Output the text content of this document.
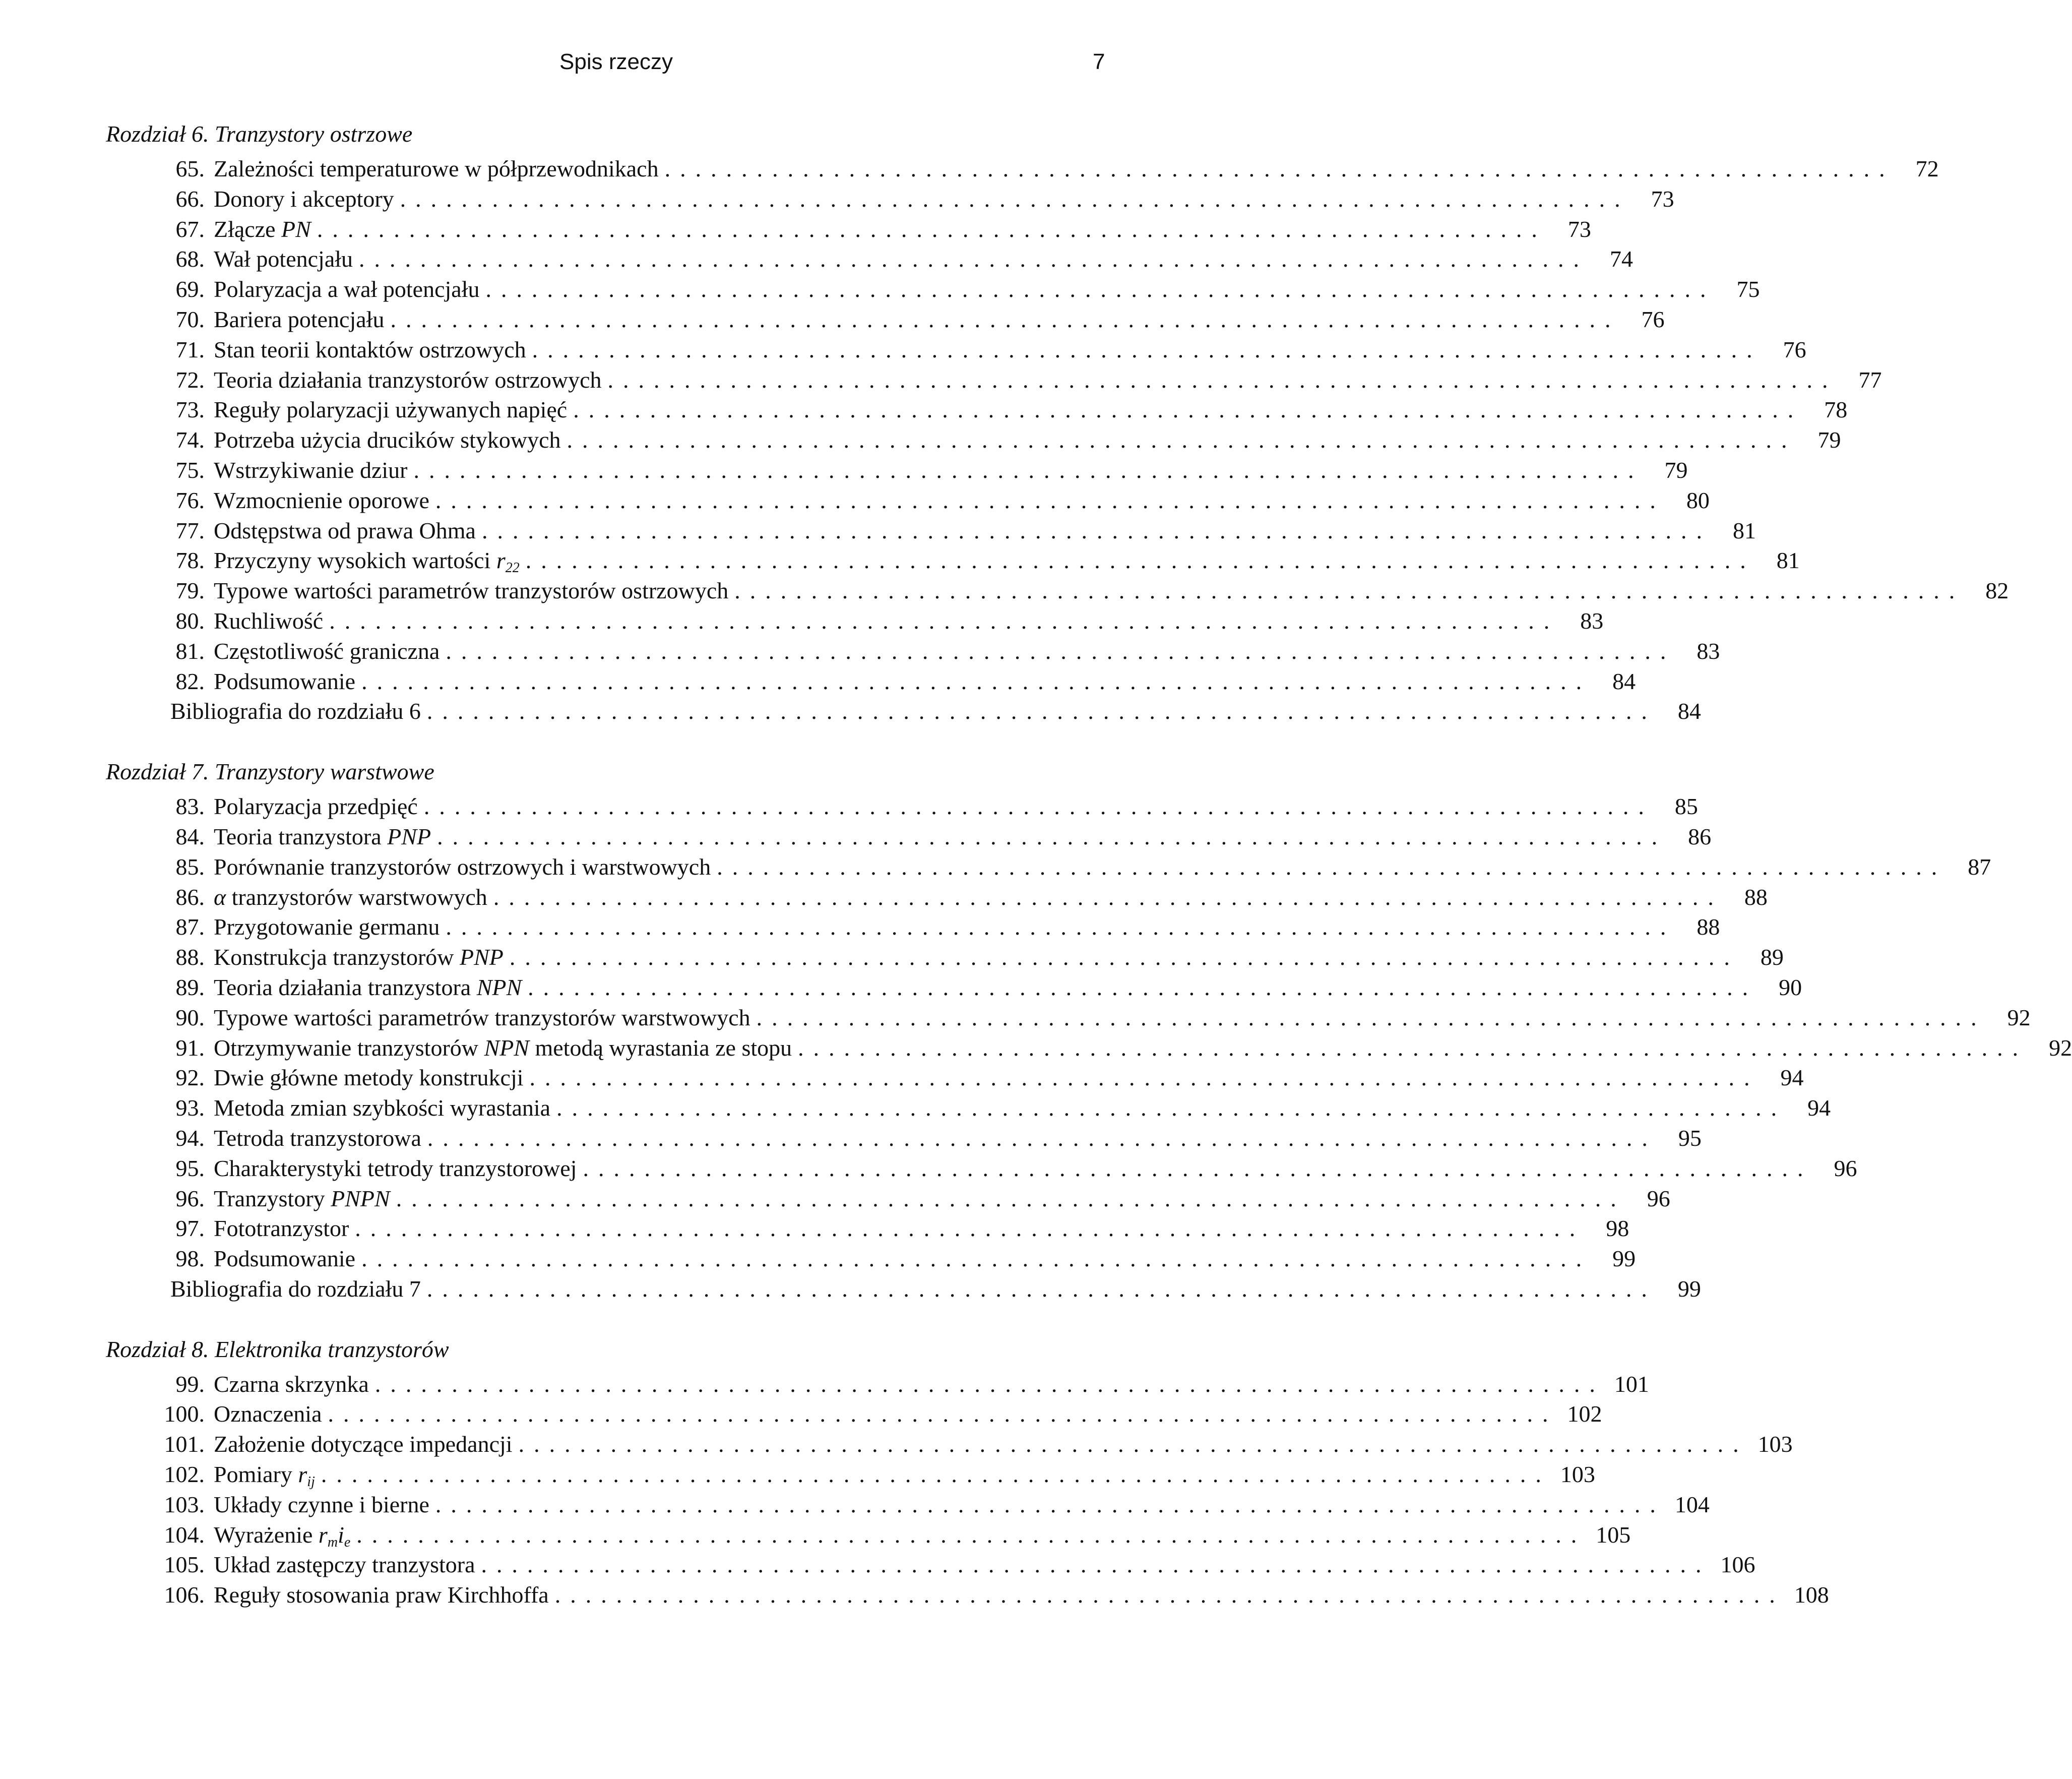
Spis rzeczy	7
Rozdział 6. Tranzystory ostrzowe
65. Zależności temperaturowe w półprzewodnikach ................................................................................ 72
66. Donory i akceptory ................................................................................ 73
67. Złącze PN ................................................................................ 73
68. Wał potencjału ................................................................................ 74
69. Polaryzacja a wał potencjału ................................................................................ 75
70. Bariera potencjału ................................................................................ 76
71. Stan teorii kontaktów ostrzowych ................................................................................ 76
72. Teoria działania tranzystorów ostrzowych ................................................................................ 77
73. Reguły polaryzacji używanych napięć ................................................................................ 78
74. Potrzeba użycia drucików stykowych ................................................................................ 79
75. Wstrzykiwanie dziur ................................................................................ 79
76. Wzmocnienie oporowe ................................................................................ 80
77. Odstępstwa od prawa Ohma ................................................................................ 81
78. Przyczyny wysokich wartości $r_{22}$ ................................................................................ 81
79. Typowe wartości parametrów tranzystorów ostrzowych ................................................................................ 82
80. Ruchliwość ................................................................................ 83
81. Częstotliwość graniczna ................................................................................ 83
82. Podsumowanie ................................................................................ 84
Bibliografia do rozdziału 6 ................................................................................ 84
Rozdział 7. Tranzystory warstwowe
83. Polaryzacja przedpięć ................................................................................ 85
84. Teoria tranzystora PNP ................................................................................ 86
85. Porównanie tranzystorów ostrzowych i warstwowych ................................................................................ 87
86. α tranzystorów warstwowych ................................................................................ 88
87. Przygotowanie germanu ................................................................................ 88
88. Konstrukcja tranzystorów PNP ................................................................................ 89
89. Teoria działania tranzystora NPN ................................................................................ 90
90. Typowe wartości parametrów tranzystorów warstwowych ................................................................................ 92
91. Otrzymywanie tranzystorów NPN metodą wyrastania ze stopu ................................................................................ 92
92. Dwie główne metody konstrukcji ................................................................................ 94
93. Metoda zmian szybkości wyrastania ................................................................................ 94
94. Tetroda tranzystorowa ................................................................................ 95
95. Charakterystyki tetrody tranzystorowej ................................................................................ 96
96. Tranzystory PNPN ................................................................................ 96
97. Fototranzystor ................................................................................ 98
98. Podsumowanie ................................................................................ 99
Bibliografia do rozdziału 7 ................................................................................ 99
Rozdział 8. Elektronika tranzystorów
99. Czarna skrzynka ................................................................................ 101
100. Oznaczenia ................................................................................ 102
101. Założenie dotyczące impedancji ................................................................................ 103
102. Pomiary $r_{ij}$ ................................................................................ 103
103. Układy czynne i bierne ................................................................................ 104
104. Wyrażenie $r_mi_e$ ................................................................................ 105
105. Układ zastępczy tranzystora ................................................................................ 106
106. Reguły stosowania praw Kirchhoffa ................................................................................ 108
